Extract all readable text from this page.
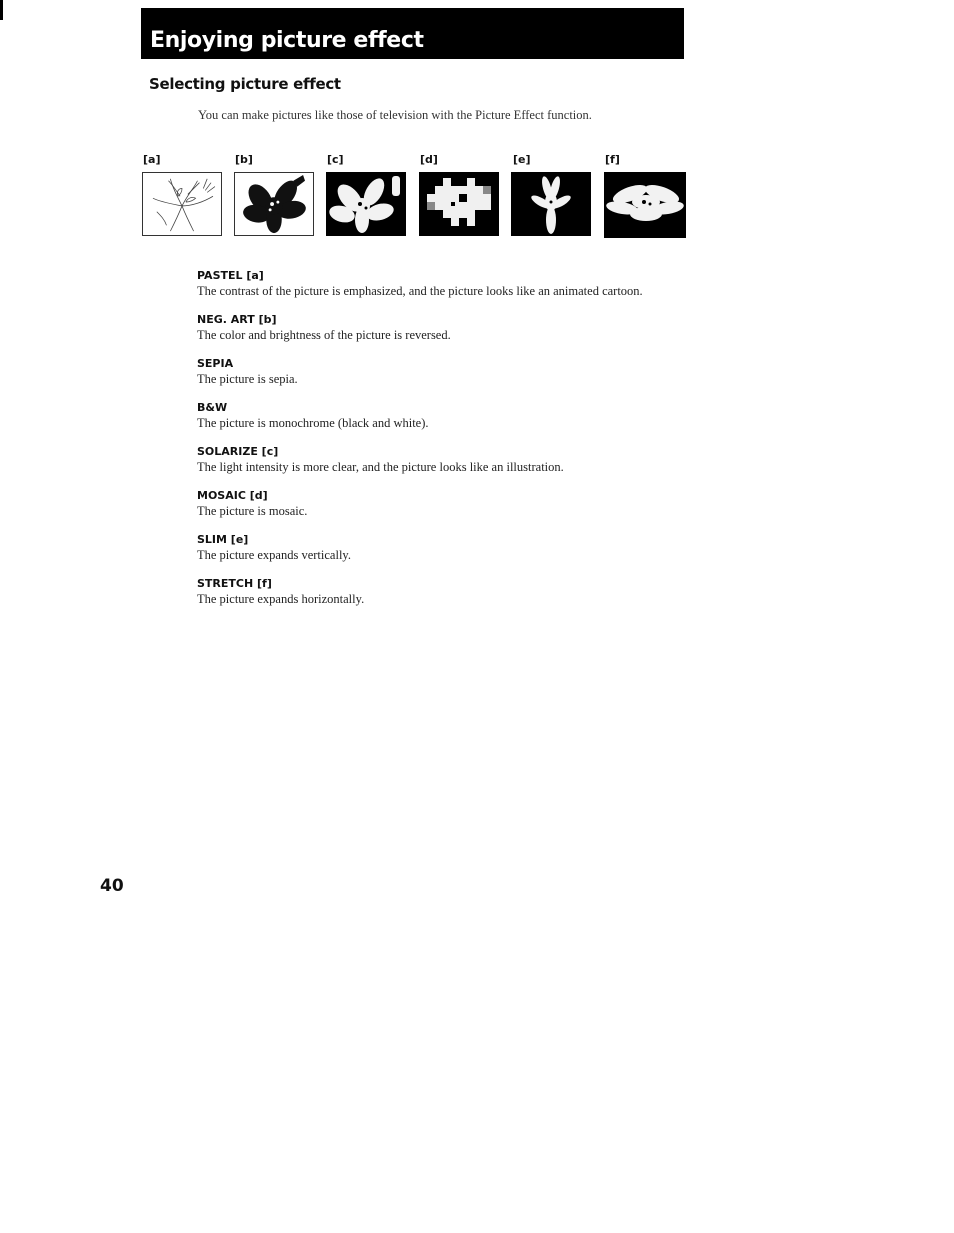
Enjoying picture effect
Selecting picture effect

You can make pictures like those of television with the Picture Effect function.

[a]	[b]	[c]	[d]	[e]	[f]
PASTEL [a]

The contrast of the picture is emphasized, and the picture looks like an animated cartoon.

NEG. ART [b]

The color and brightness of the picture is reversed.

SEPIA

The picture is sepia.

B&W

The picture is monochrome (black and white).

SOLARIZE [c]

The light intensity is more clear, and the picture looks like an illustration.

MOSAIC [d]

The picture is mosaic.

SLIM [e]

The picture expands vertically.

STRETCH [f]

The picture expands horizontally.

40
